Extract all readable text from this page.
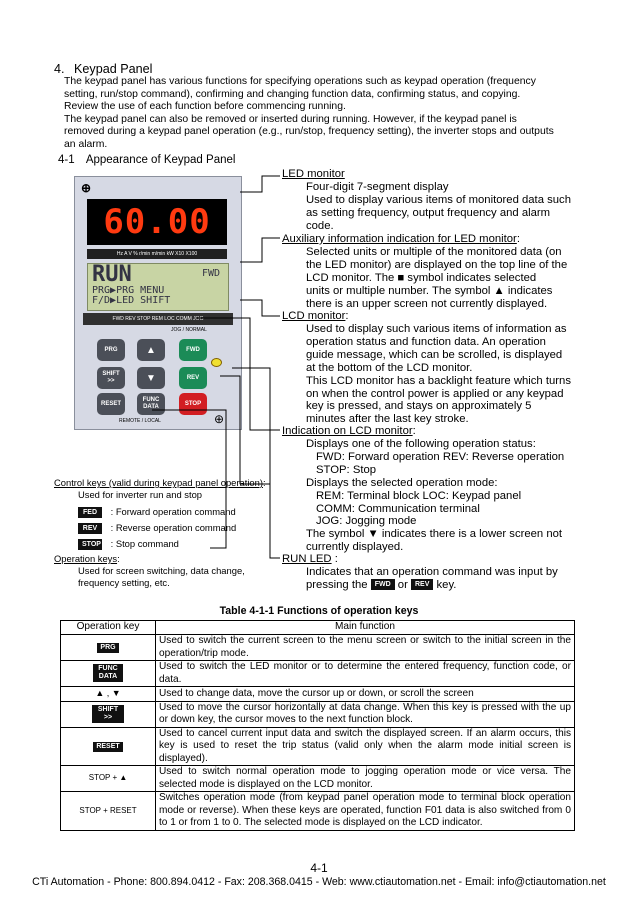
4. Keypad Panel
The keypad panel has various functions for specifying operations such as keypad operation (frequency
setting, run/stop command), confirming and changing function data, confirming status, and copying.
Review the use of each function before commencing running.
The keypad panel can also be removed or inserted during running. However, if the keypad panel is
removed during a keypad panel operation (e.g., run/stop, frequency setting), the inverter stops and outputs
an alarm.
4-1 Appearance of Keypad Panel
⊕
60.00
Hz A V % r/min m/min kW X10 X100
RUN	FWD
PRG▶PRG MENU
F/D▶LED SHIFT
FWD REV STOP REM LOC COMM JOG
JOG / NORMAL
PRG	▲	FWD
SHIFT
>>	▼	REV
RESET
FUNC
DATA
STOP
REMOTE / LOCAL	⊕
LED monitor
Four-digit 7-segment display
Used to display various items of monitored data such
as setting frequency, output frequency and alarm
code.
Auxiliary information indication for LED monitor:
Selected units or multiple of the monitored data (on
the LED monitor) are displayed on the top line of the
LCD monitor. The ■ symbol indicates selected
units or multiple number. The symbol ▲ indicates
there is an upper screen not currently displayed.
LCD monitor:
Used to display such various items of information as
operation status and function data. An operation
guide message, which can be scrolled, is displayed
at the bottom of the LCD monitor.
This LCD monitor has a backlight feature which turns
on when the control power is applied or any keypad
key is pressed, and stays on approximately 5
minutes after the last key stroke.
Indication on LCD monitor:
Displays one of the following operation status:
FWD: Forward operation REV: Reverse operation
STOP: Stop
Displays the selected operation mode:
REM: Terminal block LOC: Keypad panel
COMM: Communication terminal
JOG: Jogging mode
The symbol ▼ indicates there is a lower screen not
currently displayed.
RUN LED :
Indicates that an operation command was input by
pressing the FWD or REV key.
Control keys (valid during keypad panel operation):
Used for inverter run and stop
FED : Forward operation command
REV : Reverse operation command
STOP : Stop command
Operation keys:
Used for screen switching, data change,
frequency setting, etc.
Table 4-1-1 Functions of operation keys
Operation key	Main function
PRG	Used to switch the current screen to the menu screen or switch to the initial screen in the operation/trip mode.
FUNC DATA	Used to switch the LED monitor or to determine the entered frequency, function code, or data.
▲ , ▼	Used to change data, move the cursor up or down, or scroll the screen
SHIFT >>	Used to move the cursor horizontally at data change. When this key is pressed with the up or down key, the cursor moves to the next function block.
RESET	Used to cancel current input data and switch the displayed screen. If an alarm occurs, this key is used to reset the trip status (valid only when the alarm mode initial screen is displayed).
STOP + ▲	Used to switch normal operation mode to jogging operation mode or vice versa. The selected mode is displayed on the LCD monitor.
STOP + RESET	Switches operation mode (from keypad panel operation mode to terminal block operation mode or reverse). When these keys are operated, function F01 data is also switched from 0 to 1 or from 1 to 0. The selected mode is displayed on the LCD indicator.
4-1
CTi Automation - Phone: 800.894.0412 - Fax: 208.368.0415 - Web: www.ctiautomation.net - Email: info@ctiautomation.net
